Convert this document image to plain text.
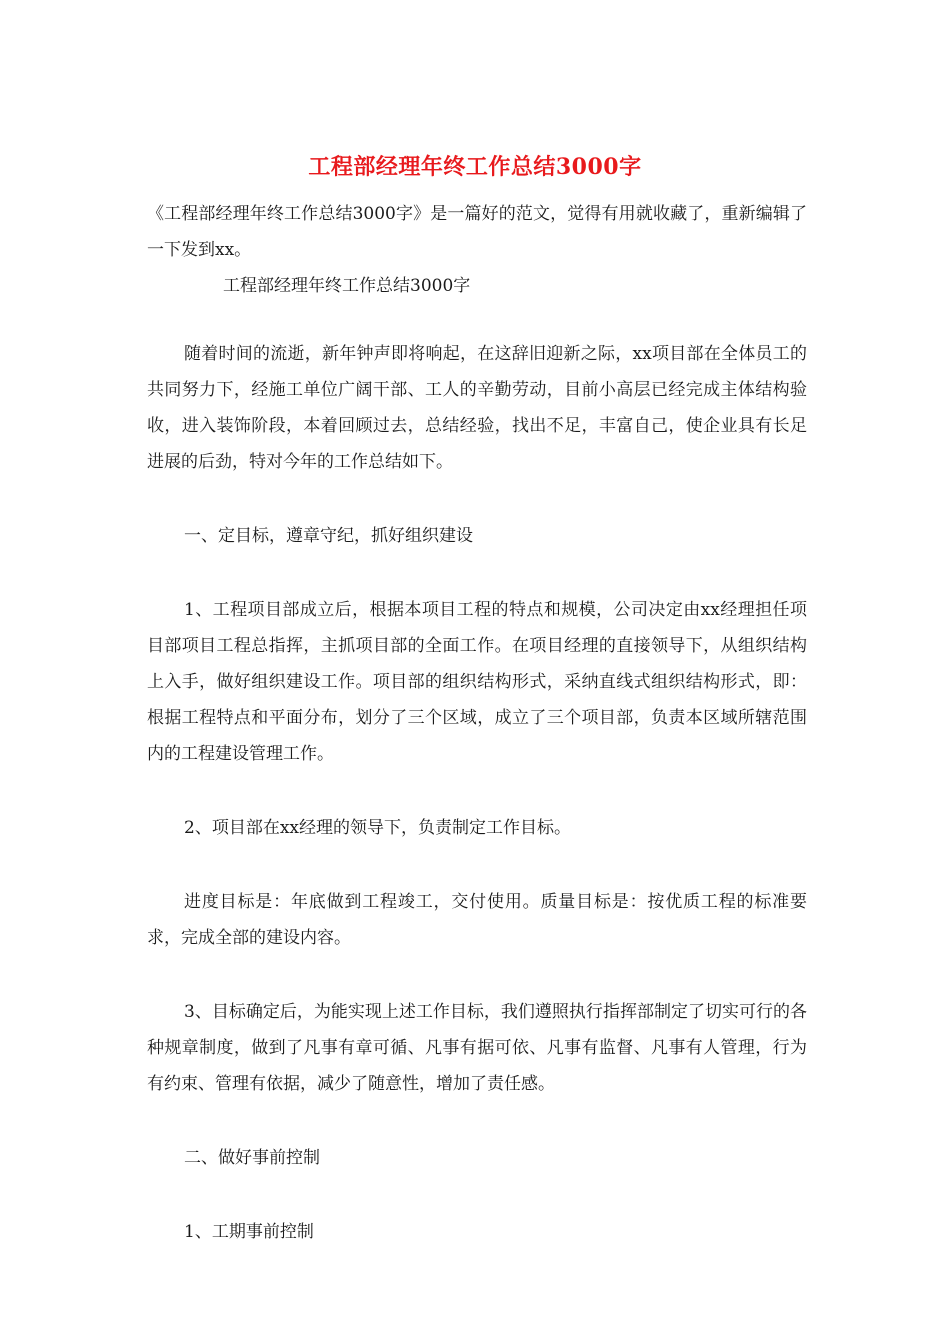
工程部经理年终工作总结3000字
《工程部经理年终工作总结3000字》是一篇好的范文，觉得有用就收藏了，重新编辑了一下发到xx。
工程部经理年终工作总结3000字

随着时间的流逝，新年钟声即将响起，在这辞旧迎新之际，xx项目部在全体员工的共同努力下，经施工单位广阔干部、工人的辛勤劳动，目前小高层已经完成主体结构验收，进入装饰阶段，本着回顾过去，总结经验，找出不足，丰富自己，使企业具有长足进展的后劲，特对今年的工作总结如下。

一、定目标，遵章守纪，抓好组织建设

1、工程项目部成立后，根据本项目工程的特点和规模，公司决定由xx经理担任项目部项目工程总指挥，主抓项目部的全面工作。在项目经理的直接领导下，从组织结构上入手，做好组织建设工作。项目部的组织结构形式，采纳直线式组织结构形式，即：根据工程特点和平面分布，划分了三个区域，成立了三个项目部，负责本区域所辖范围内的工程建设管理工作。

2、项目部在xx经理的领导下，负责制定工作目标。

进度目标是：年底做到工程竣工，交付使用。质量目标是：按优质工程的标准要求，完成全部的建设内容。

3、目标确定后，为能实现上述工作目标，我们遵照执行指挥部制定了切实可行的各种规章制度，做到了凡事有章可循、凡事有据可依、凡事有监督、凡事有人管理，行为有约束、管理有依据，减少了随意性，增加了责任感。

二、做好事前控制

1、工期事前控制
